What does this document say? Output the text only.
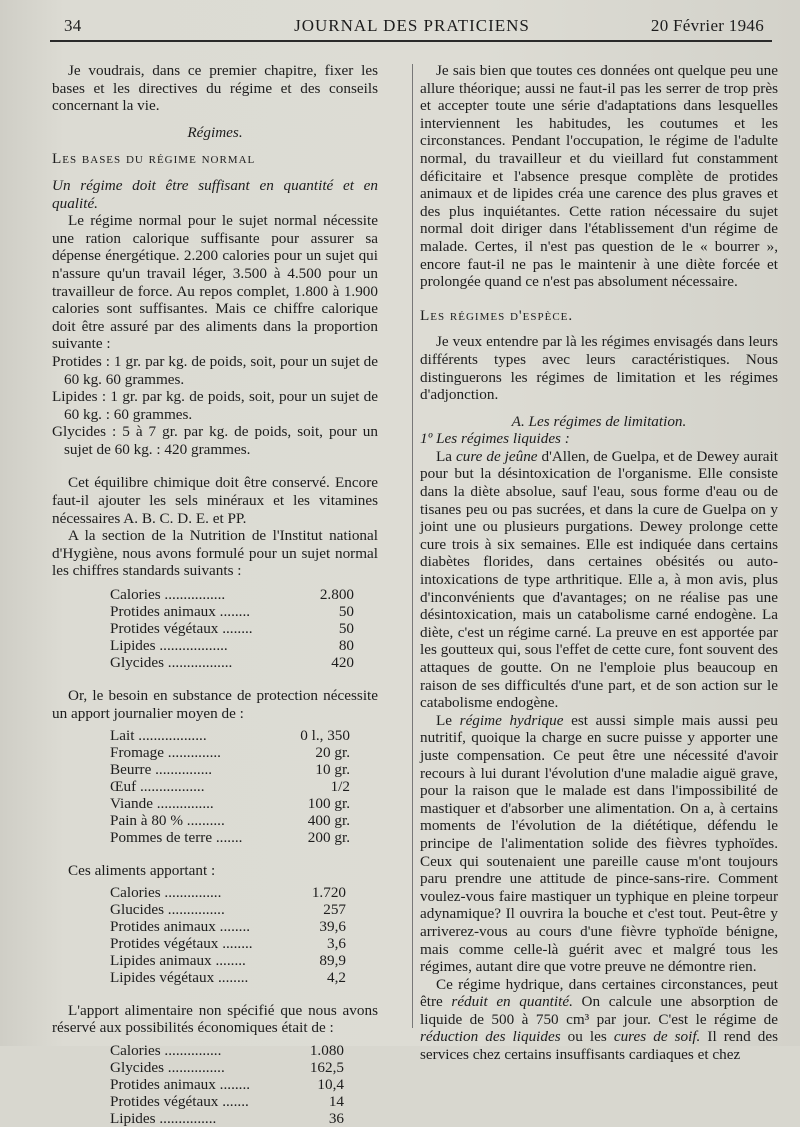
34	JOURNAL DES PRATICIENS	20 Février 1946

Je voudrais, dans ce premier chapitre, fixer les bases et les directives du régime et des conseils concernant la vie.

Régimes.

Les bases du régime normal

Un régime doit être suffisant en quantité et en qualité.

Le régime normal pour le sujet normal nécessite une ration calorique suffisante pour assurer sa dépense énergétique. 2.200 calories pour un sujet qui n'assure qu'un travail léger, 3.500 à 4.500 pour un travailleur de force. Au repos complet, 1.800 à 1.900 calories sont suffisantes. Mais ce chiffre calorique doit être assuré par des aliments dans la proportion suivante :

Protides : 1 gr. par kg. de poids, soit, pour un sujet de 60 kg. 60 grammes.

Lipides : 1 gr. par kg. de poids, soit, pour un sujet de 60 kg. : 60 grammes.

Glycides : 5 à 7 gr. par kg. de poids, soit, pour un sujet de 60 kg. : 420 grammes.

Cet équilibre chimique doit être conservé. Encore faut-il ajouter les sels minéraux et les vitamines nécessaires A. B. C. D. E. et PP.

A la section de la Nutrition de l'Institut national d'Hygiène, nous avons formulé pour un sujet normal les chiffres standards suivants :

Calories ................	2.800
Protides animaux ........	50
Protides végétaux ........	50
Lipides ..................	80
Glycides .................	420

Or, le besoin en substance de protection nécessite un apport journalier moyen de :

Lait ..................	0 l., 350
Fromage ..............	20 gr.
Beurre ...............	10 gr.
Œuf .................	1/2
Viande ...............	100 gr.
Pain à 80 % ..........	400 gr.
Pommes de terre .......	200 gr.

Ces aliments apportant :

Calories ...............	1.720
Glucides ...............	257
Protides animaux ........	39,6
Protides végétaux ........	3,6
Lipides animaux ........	89,9
Lipides végétaux ........	4,2

L'apport alimentaire non spécifié que nous avons réservé aux possibilités économiques était de :

Calories ...............	1.080
Glycides ...............	162,5
Protides animaux ........	10,4
Protides végétaux .......	14
Lipides ...............	36

Je sais bien que toutes ces données ont quelque peu une allure théorique; aussi ne faut-il pas les serrer de trop près et accepter toute une série d'adaptations dans lesquelles interviennent les habitudes, les coutumes et les circonstances. Pendant l'occupation, le régime de l'adulte normal, du travailleur et du vieillard fut constamment déficitaire et l'absence presque complète de protides animaux et de lipides créa une carence des plus graves et des plus inquiétantes. Cette ration nécessaire du sujet normal doit diriger dans l'établissement d'un régime de malade. Certes, il n'est pas question de le « bourrer », encore faut-il ne pas le maintenir à une diète forcée et prolongée quand ce n'est pas absolument nécessaire.

Les régimes d'espèce.

Je veux entendre par là les régimes envisagés dans leurs différents types avec leurs caractéristiques. Nous distinguerons les régimes de limitation et les régimes d'adjonction.

A. Les régimes de limitation.

1º Les régimes liquides :

La cure de jeûne d'Allen, de Guelpa, et de Dewey aurait pour but la désintoxication de l'organisme. Elle consiste dans la diète absolue, sauf l'eau, sous forme d'eau ou de tisanes peu ou pas sucrées, et dans la cure de Guelpa on y joint une ou plusieurs purgations. Dewey prolonge cette cure trois à six semaines. Elle est indiquée dans certains diabètes florides, dans certaines obésités ou auto-intoxications de type arthritique. Elle a, à mon avis, plus d'inconvénients que d'avantages; on ne réalise pas une désintoxication, mais un catabolisme carné endogène. La diète, c'est un régime carné. La preuve en est apportée par les goutteux qui, sous l'effet de cette cure, font souvent des attaques de goutte. On ne l'emploie plus beaucoup en raison de ses difficultés d'une part, et de son action sur le catabolisme endogène.

Le régime hydrique est aussi simple mais aussi peu nutritif, quoique la charge en sucre puisse y apporter une juste compensation. Ce peut être une nécessité d'avoir recours à lui durant l'évolution d'une maladie aiguë grave, pour la raison que le malade est dans l'impossibilité de mastiquer et d'absorber une alimentation. On a, à certains moments de l'évolution de la diététique, défendu le principe de l'alimentation solide des fièvres typhoïdes. Ceux qui soutenaient une pareille cause m'ont toujours paru prendre une attitude de pince-sans-rire. Comment voulez-vous faire mastiquer un typhique en pleine torpeur adynamique? Il ouvrira la bouche et c'est tout. Peut-être y arriverez-vous au cours d'une fièvre typhoïde bénigne, mais comme celle-là guérit avec et malgré tous les régimes, autant dire que votre preuve ne démontre rien.

Ce régime hydrique, dans certaines circonstances, peut être réduit en quantité. On calcule une absorption de liquide de 500 à 750 cm³ par jour. C'est le régime de réduction des liquides ou les cures de soif. Il rend des services chez certains insuffisants cardiaques et chez
